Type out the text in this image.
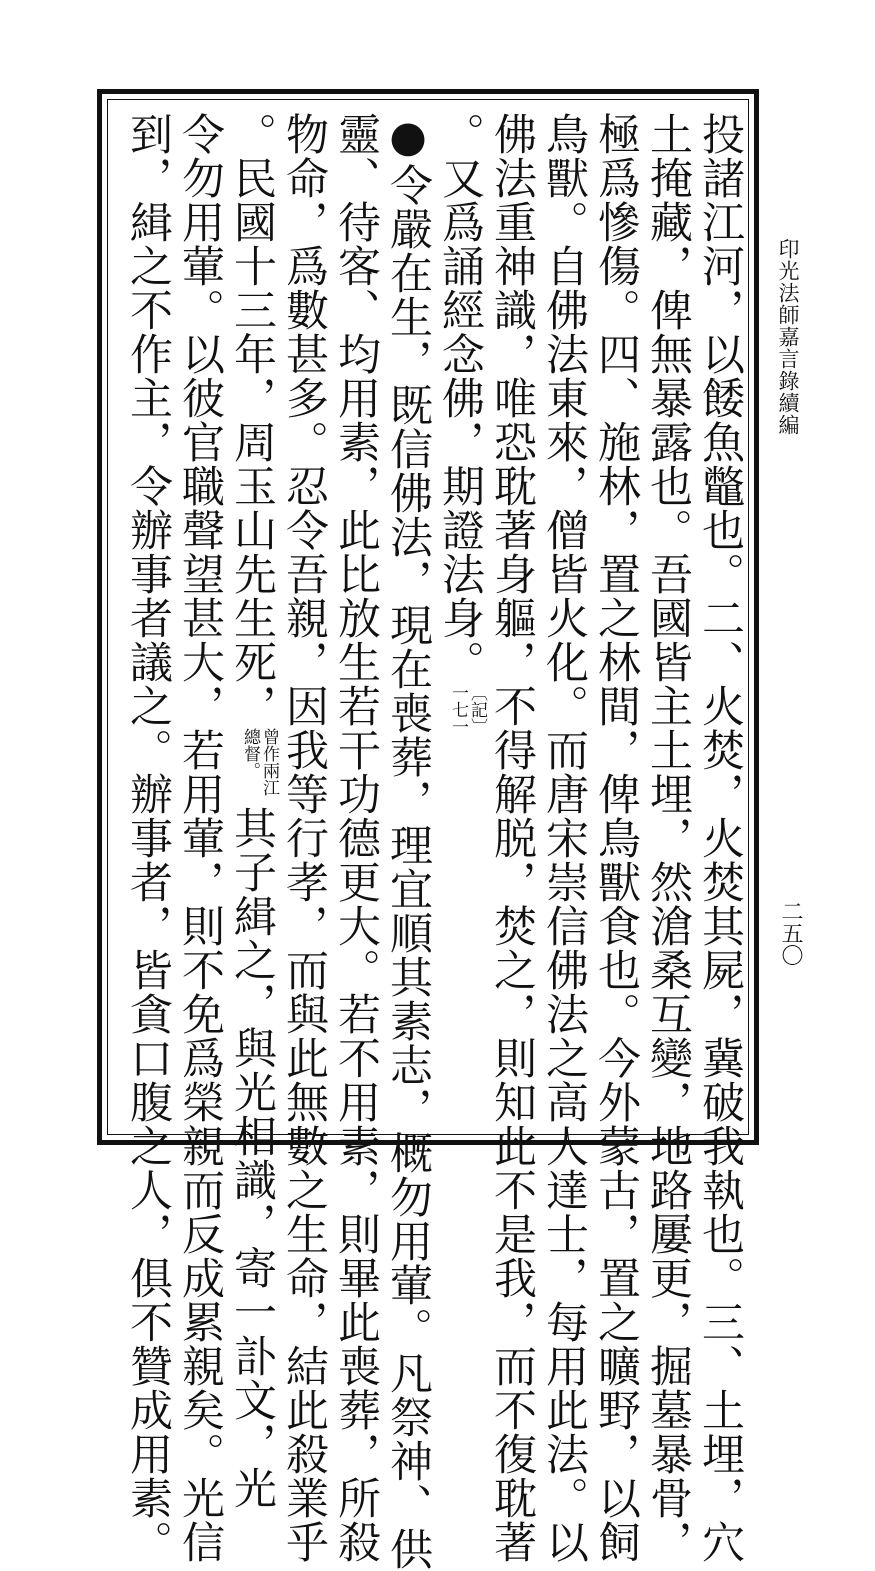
印光法師嘉言錄續編
二五〇
投諸江河，以餧魚鼈也。二、火焚，火焚其屍，冀破我執也。三、土埋，穴
土掩藏，俾無暴露也。吾國皆主土埋，然滄桑互變，地路屢更，掘墓暴骨，
極爲慘傷。四、施林，置之林間，俾鳥獸食也。今外蒙古，置之曠野，以飼
鳥獸。自佛法東來，僧皆火化。而唐宋崇信佛法之高人達士，每用此法。以
佛法重神識，唯恐耽著身軀，不得解脱，焚之，則知此不是我，而不復耽著
。又爲誦經念佛，期證法身。
〔記〕
一七一
●令嚴在生，既信佛法，現在喪葬，理宜順其素志，概勿用葷。凡祭神、供
靈、待客、均用素，此比放生若干功德更大。若不用素，則畢此喪葬，所殺
物命，爲數甚多。忍令吾親，因我等行孝，而與此無數之生命，結此殺業乎
。民國十三年，周玉山先生死，
曾作兩江
總督。
其子緝之，與光相識，寄一訃文，光
令勿用葷。以彼官職聲望甚大，若用葷，則不免爲榮親而反成累親矣。光信
到，緝之不作主，令辦事者議之。辦事者，皆貪口腹之人，俱不贊成用素。
